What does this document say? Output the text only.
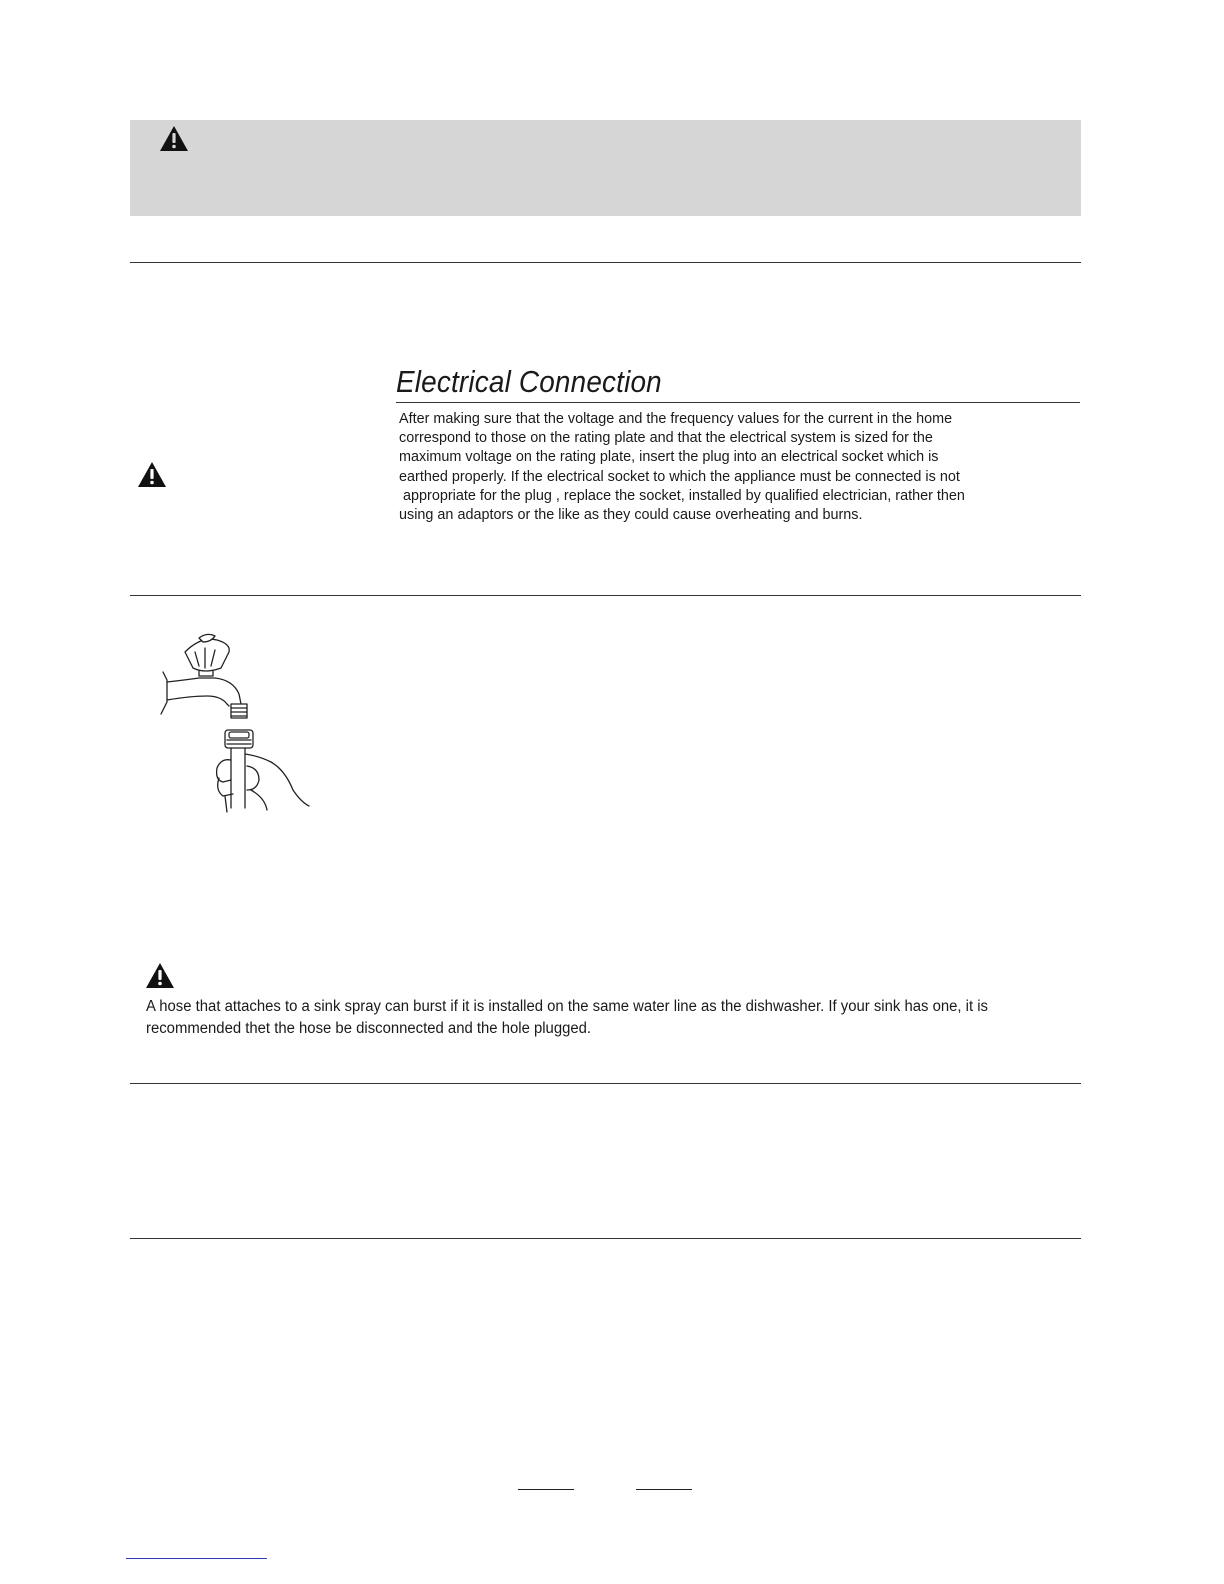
Electrical Connection
After making sure that the voltage and the frequency values for the current in the home
correspond to those on the rating plate and that the electrical system is sized for the
maximum voltage on the rating plate, insert the plug into an electrical socket which is
earthed properly. If the electrical socket to which the appliance must be connected is not
appropriate for the plug , replace the socket, installed by qualified electrician, rather then
using an adaptors or the like as they could cause overheating and burns.
A hose that attaches to a sink spray can burst if it is installed on the same water line as the dishwasher. If your sink has one, it is
recommended thet the hose be disconnected and the hole plugged.
